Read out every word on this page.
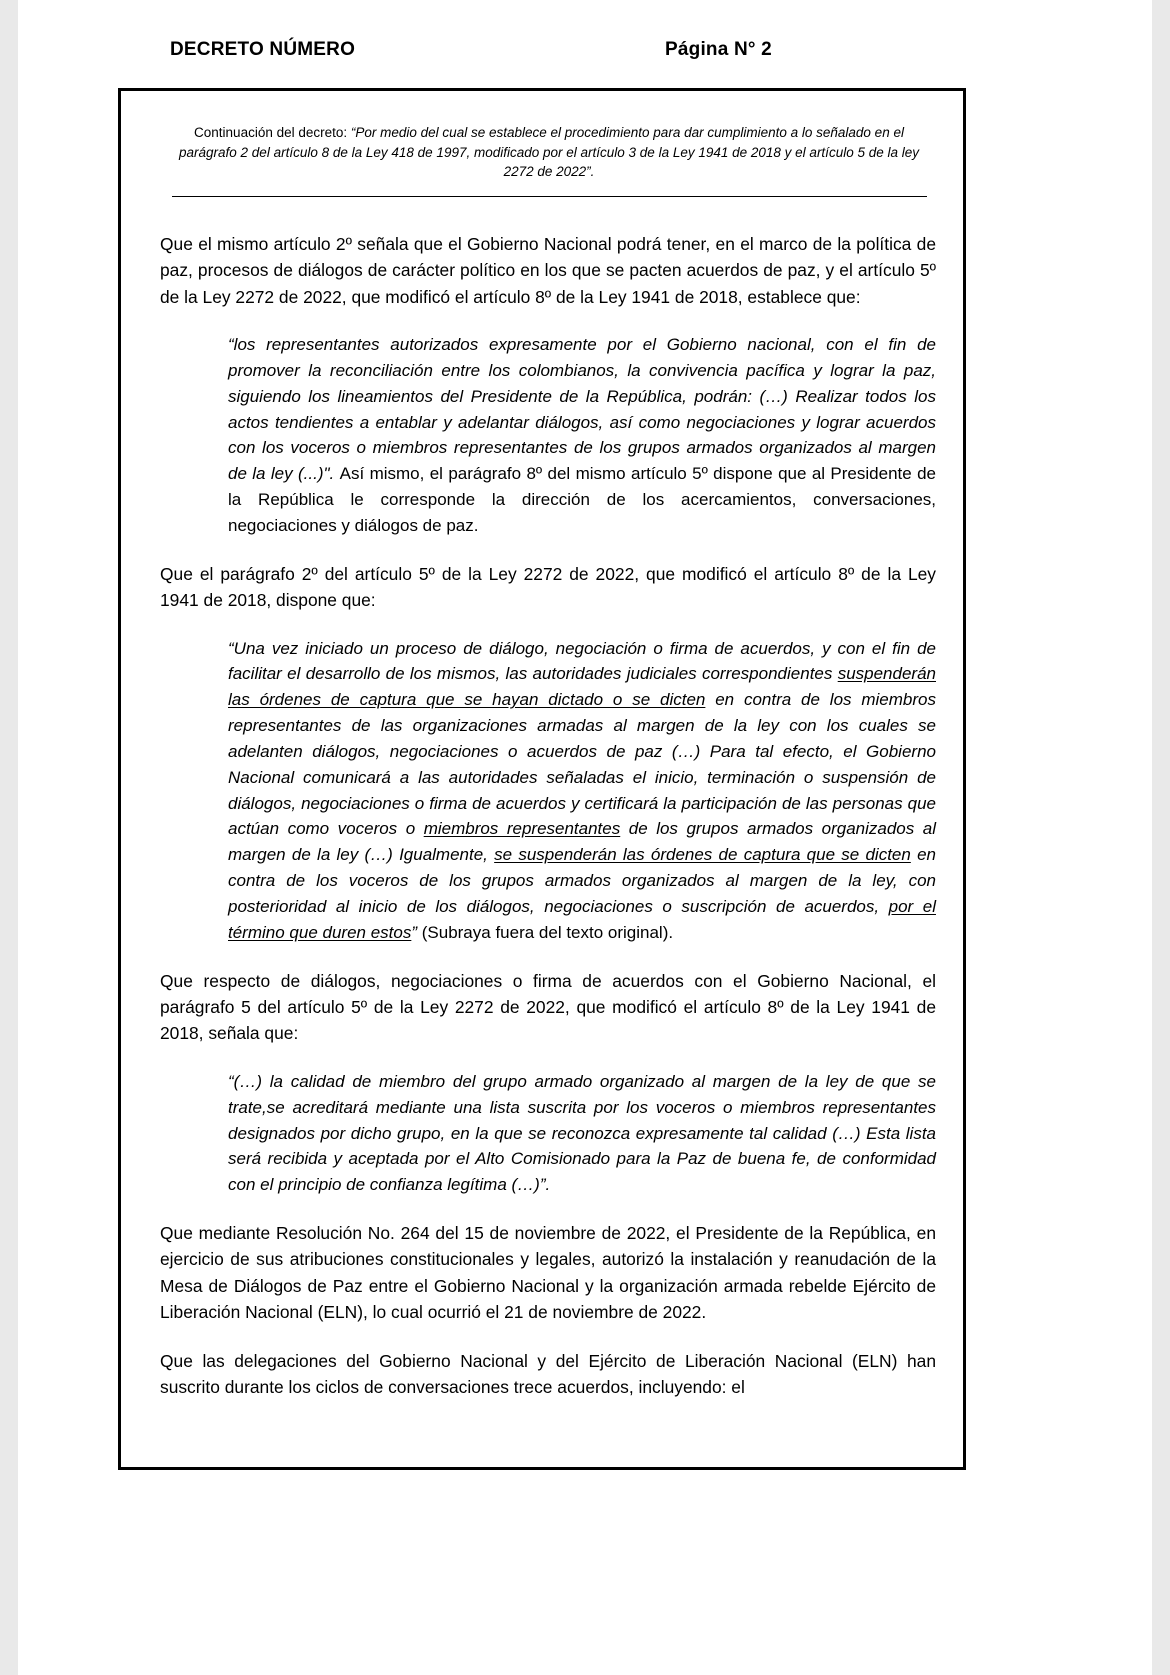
DECRETO NÚMERO	Página N° 2
Continuación del decreto: “Por medio del cual se establece el procedimiento para dar cumplimiento a lo señalado en el parágrafo 2 del artículo 8 de la Ley 418 de 1997, modificado por el artículo 3 de la Ley 1941 de 2018 y el artículo 5 de la ley 2272 de 2022”.

Que el mismo artículo 2º señala que el Gobierno Nacional podrá tener, en el marco de la política de paz, procesos de diálogos de carácter político en los que se pacten acuerdos de paz, y el artículo 5º de la Ley 2272 de 2022, que modificó el artículo 8º de la Ley 1941 de 2018, establece que:

“los representantes autorizados expresamente por el Gobierno nacional, con el fin de promover la reconciliación entre los colombianos, la convivencia pacífica y lograr la paz, siguiendo los lineamientos del Presidente de la República, podrán: (…) Realizar todos los actos tendientes a entablar y adelantar diálogos, así como negociaciones y lograr acuerdos con los voceros o miembros representantes de los grupos armados organizados al margen de la ley (...)". Así mismo, el parágrafo 8º del mismo artículo 5º dispone que al Presidente de la República le corresponde la dirección de los acercamientos, conversaciones, negociaciones y diálogos de paz.

Que el parágrafo 2º del artículo 5º de la Ley 2272 de 2022, que modificó el artículo 8º de la Ley 1941 de 2018, dispone que:

“Una vez iniciado un proceso de diálogo, negociación o firma de acuerdos, y con el fin de facilitar el desarrollo de los mismos, las autoridades judiciales correspondientes suspenderán las órdenes de captura que se hayan dictado o se dicten en contra de los miembros representantes de las organizaciones armadas al margen de la ley con los cuales se adelanten diálogos, negociaciones o acuerdos de paz (…) Para tal efecto, el Gobierno Nacional comunicará a las autoridades señaladas el inicio, terminación o suspensión de diálogos, negociaciones o firma de acuerdos y certificará la participación de las personas que actúan como voceros o miembros representantes de los grupos armados organizados al margen de la ley (…) Igualmente, se suspenderán las órdenes de captura que se dicten en contra de los voceros de los grupos armados organizados al margen de la ley, con posterioridad al inicio de los diálogos, negociaciones o suscripción de acuerdos, por el término que duren estos” (Subraya fuera del texto original).

Que respecto de diálogos, negociaciones o firma de acuerdos con el Gobierno Nacional, el parágrafo 5 del artículo 5º de la Ley 2272 de 2022, que modificó el artículo 8º de la Ley 1941 de 2018, señala que:

“(…) la calidad de miembro del grupo armado organizado al margen de la ley de que se trate,se acreditará mediante una lista suscrita por los voceros o miembros representantes designados por dicho grupo, en la que se reconozca expresamente tal calidad (…) Esta lista será recibida y aceptada por el Alto Comisionado para la Paz de buena fe, de conformidad con el principio de confianza legítima (…)”.

Que mediante Resolución No. 264 del 15 de noviembre de 2022, el Presidente de la República, en ejercicio de sus atribuciones constitucionales y legales, autorizó la instalación y reanudación de la Mesa de Diálogos de Paz entre el Gobierno Nacional y la organización armada rebelde Ejército de Liberación Nacional (ELN), lo cual ocurrió el 21 de noviembre de 2022.

Que las delegaciones del Gobierno Nacional y del Ejército de Liberación Nacional (ELN) han suscrito durante los ciclos de conversaciones trece acuerdos, incluyendo: el
